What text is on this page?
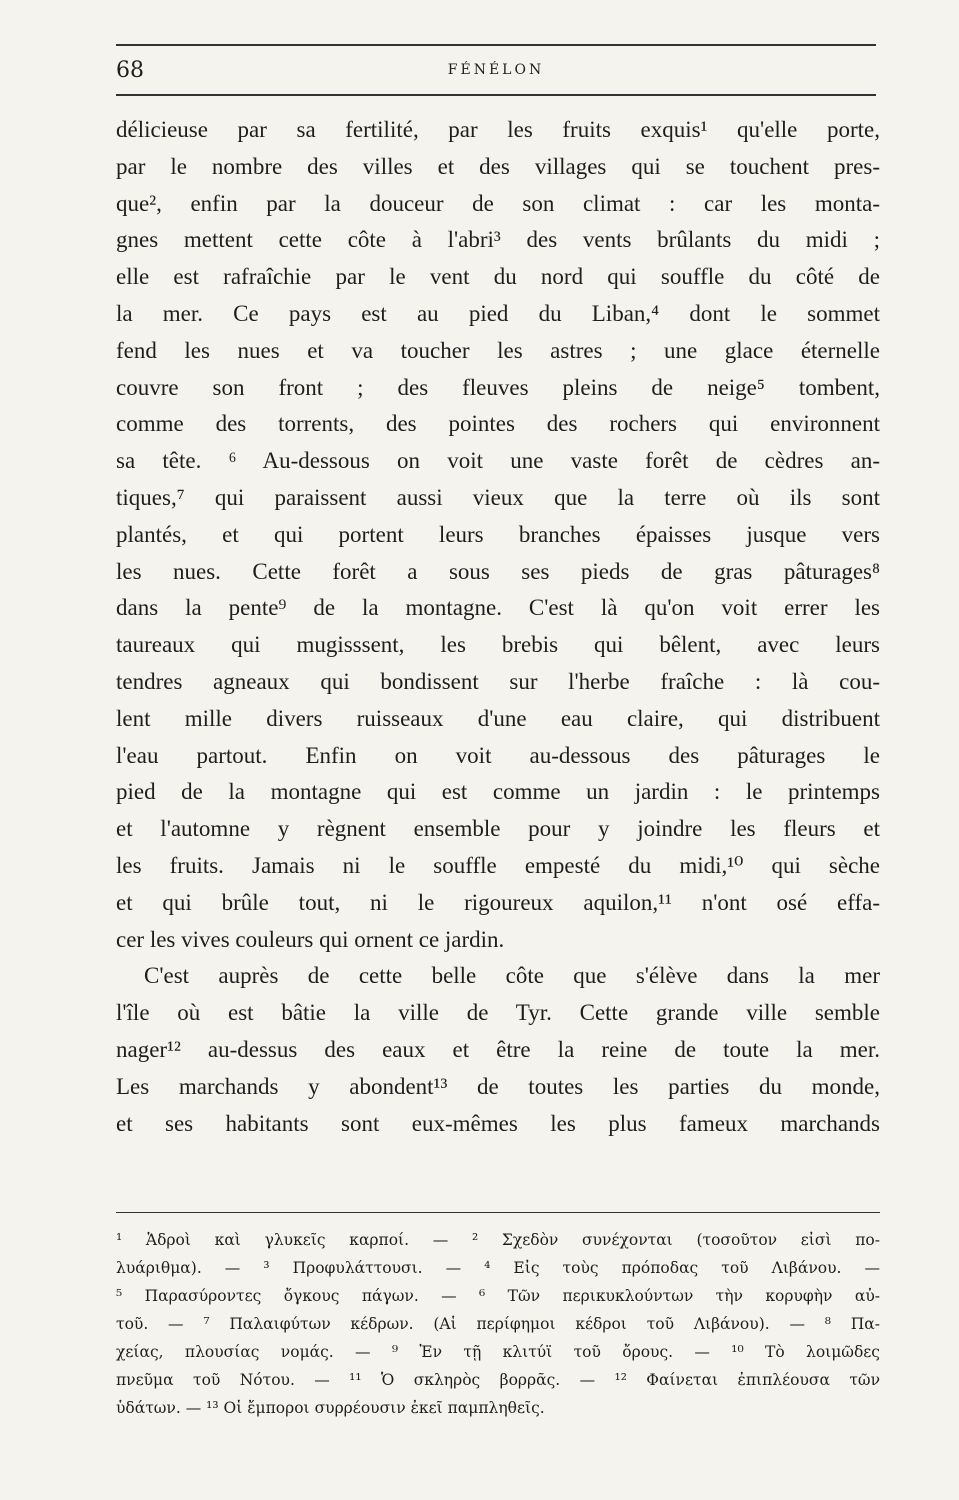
68	FÉNÉLON
délicieuse par sa fertilité, par les fruits exquis¹ qu'elle porte,
par le nombre des villes et des villages qui se touchent pres-
que², enfin par la douceur de son climat : car les monta-
gnes mettent cette côte à l'abri³ des vents brûlants du midi ;
elle est rafraîchie par le vent du nord qui souffle du côté de
la mer. Ce pays est au pied du Liban,⁴ dont le sommet
fend les nues et va toucher les astres ; une glace éternelle
couvre son front ; des fleuves pleins de neige⁵ tombent,
comme des torrents, des pointes des rochers qui environnent
sa tête. ⁶ Au-dessous on voit une vaste forêt de cèdres an-
tiques,⁷ qui paraissent aussi vieux que la terre où ils sont
plantés, et qui portent leurs branches épaisses jusque vers
les nues. Cette forêt a sous ses pieds de gras pâturages⁸
dans la pente⁹ de la montagne. C'est là qu'on voit errer les
taureaux qui mugisssent, les brebis qui bêlent, avec leurs
tendres agneaux qui bondissent sur l'herbe fraîche : là cou-
lent mille divers ruisseaux d'une eau claire, qui distribuent
l'eau partout. Enfin on voit au-dessous des pâturages le
pied de la montagne qui est comme un jardin : le printemps
et l'automne y règnent ensemble pour y joindre les fleurs et
les fruits. Jamais ni le souffle empesté du midi,¹⁰ qui sèche
et qui brûle tout, ni le rigoureux aquilon,¹¹ n'ont osé effa-
cer les vives couleurs qui ornent ce jardin.
C'est auprès de cette belle côte que s'élève dans la mer
l'île où est bâtie la ville de Tyr. Cette grande ville semble
nager¹² au-dessus des eaux et être la reine de toute la mer.
Les marchands y abondent¹³ de toutes les parties du monde,
et ses habitants sont eux-mêmes les plus fameux marchands
¹ Ἁδροὶ καὶ γλυκεῖς καρποί. — ² Σχεδὸν συνέχονται (τοσοῦτον εἰσὶ πο-
λυάριθμα). — ³ Προφυλάττουσι. — ⁴ Εἰς τοὺς πρόποδας τοῦ Λιβάνου. —
⁵ Παρασύροντες ὄγκους πάγων. — ⁶ Τῶν περικυκλούντων τὴν κορυφὴν αὐ-
τοῦ. — ⁷ Παλαιφύτων κέδρων. (Αἱ περίφημοι κέδροι τοῦ Λιβάνου). — ⁸ Πα-
χείας, πλουσίας νομάς. — ⁹ Ἐν τῇ κλιτύϊ τοῦ ὄρους. — ¹⁰ Τὸ λοιμῶδες
πνεῦμα τοῦ Νότου. — ¹¹ Ὁ σκληρὸς βορρᾶς. — ¹² Φαίνεται ἐπιπλέουσα τῶν
ὑδάτων. — ¹³ Οἱ ἔμποροι συρρέουσιν ἐκεῖ παμπληθεῖς.
